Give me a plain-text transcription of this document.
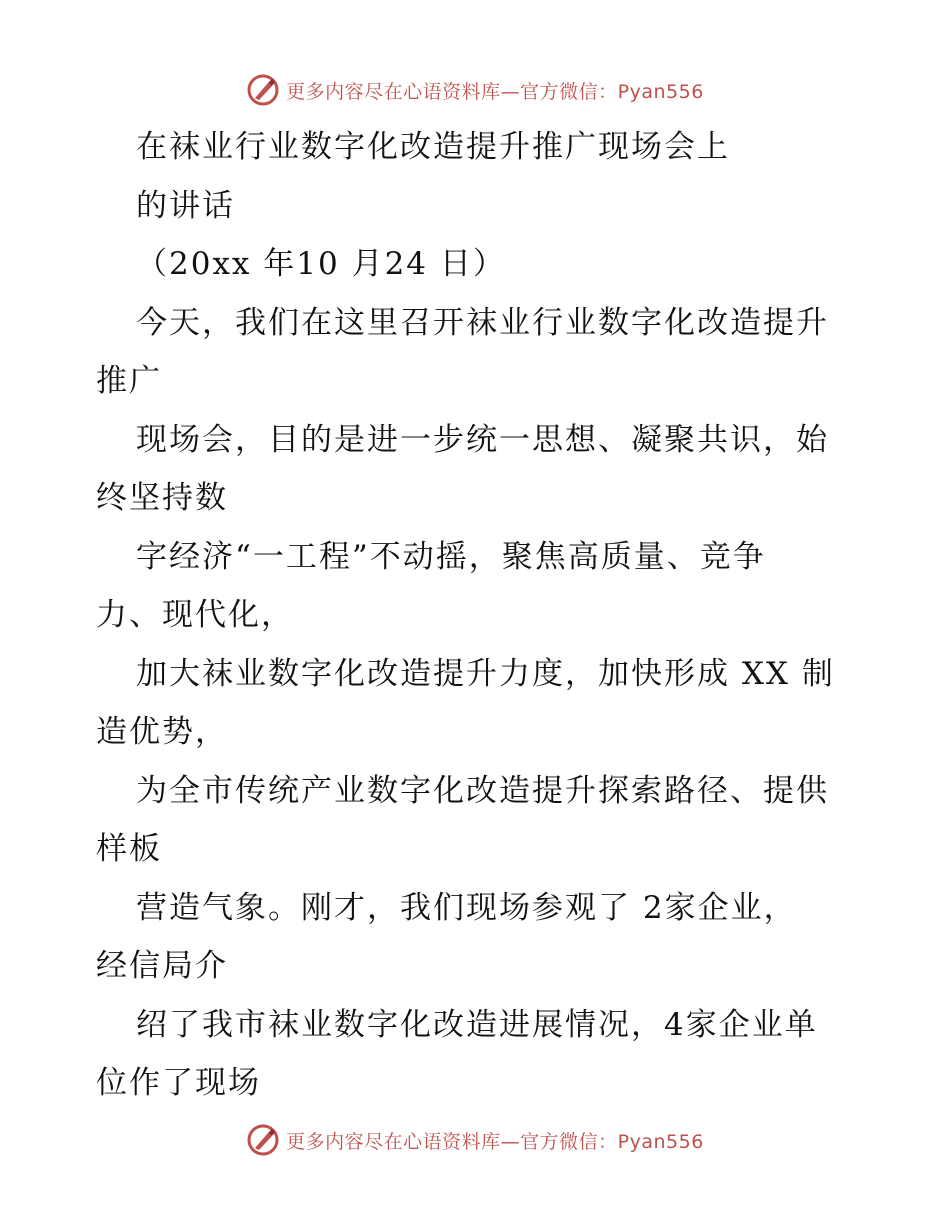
更多内容尽在心语资料库—官方微信：Pyan556
在袜业行业数字化改造提升推广现场会上
的讲话
（20xx 年10 月24 日）
今天，我们在这里召开袜业行业数字化改造提升
推广
现场会，目的是进一步统一思想、凝聚共识，始
终坚持数
字经济“一工程”不动摇，聚焦高质量、竞争
力、现代化，
加大袜业数字化改造提升力度，加快形成 XX 制
造优势，
为全市传统产业数字化改造提升探索路径、提供
样板
营造气象。刚才，我们现场参观了 2家企业，
经信局介
绍了我市袜业数字化改造进展情况，4家企业单
位作了现场
更多内容尽在心语资料库—官方微信：Pyan556
